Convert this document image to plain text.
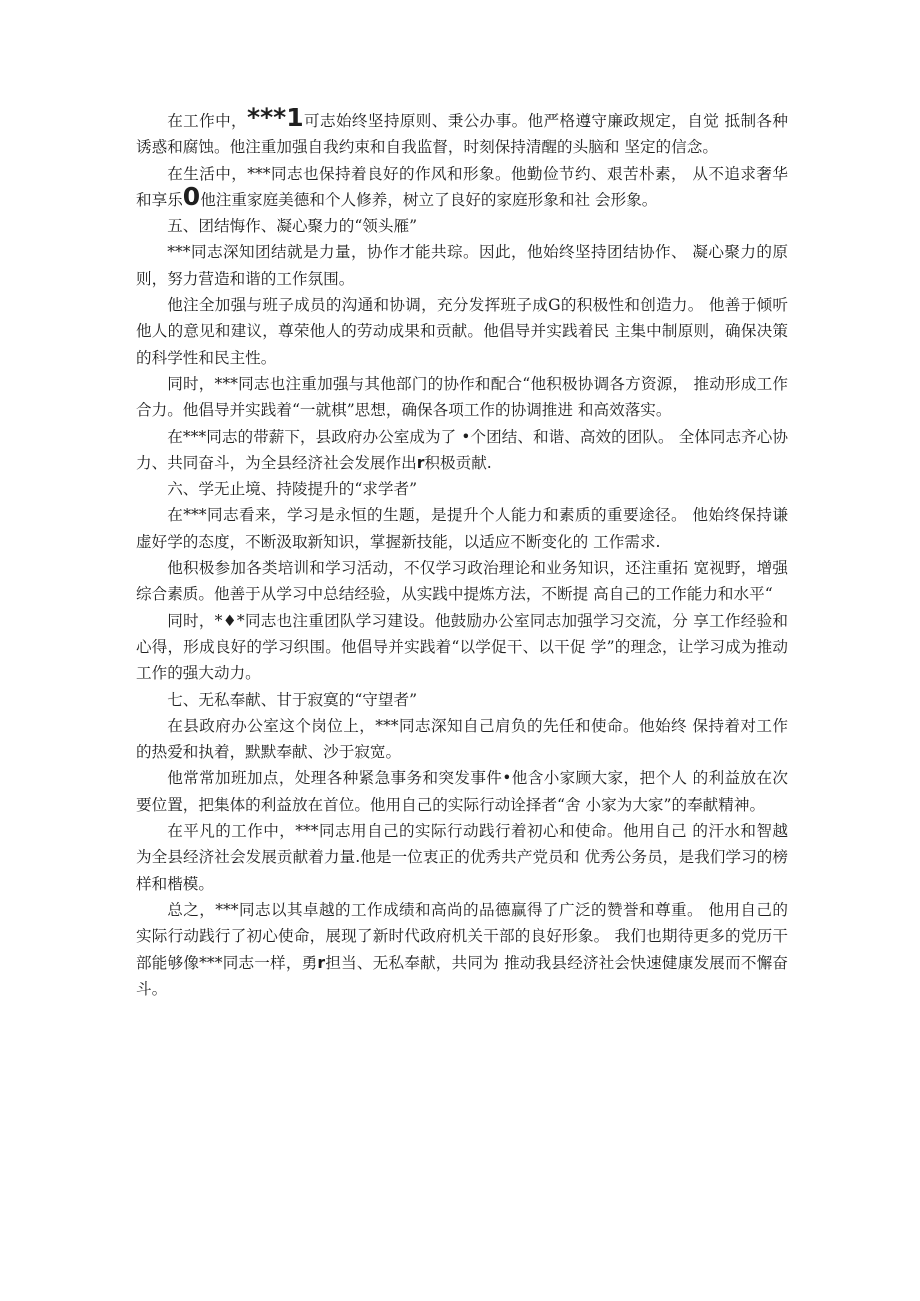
在工作中，***1可志始终坚持原则、秉公办事。他严格遵守廉政规定，自觉 抵制各种诱惑和腐蚀。他注重加强自我约束和自我监督，时刻保持清醒的头脑和 坚定的信念。

在生活中，***同志也保持着良好的作风和形象。他勤俭节约、艰苦朴素， 从不追求奢华和享乐0他注重家庭美德和个人修养，树立了良好的家庭形象和社 会形象。

五、团结悔作、凝心聚力的“领头雁”

***同志深知团结就是力量，协作才能共琮。因此，他始终坚持团结协作、 凝心聚力的原则，努力营造和谐的工作氛围。

他注全加强与班子成员的沟通和协调，充分发挥班子成G的积极性和创造力。 他善于倾听他人的意见和建议，尊荣他人的劳动成果和贡献。他倡导并实践着民 主集中制原则，确保决策的科学性和民主性。

同时，***同志也注重加强与其他部门的协作和配合“他积极协调各方资源， 推动形成工作合力。他倡导并实践着“一就棋”思想，确保各项工作的协调推进 和高效落实。

在***同志的带薪下，县政府办公室成为了 •个团结、和谐、高效的团队。 全体同志齐心协力、共同奋斗，为全县经济社会发展作出r积极贡献.

六、学无止境、持陵提升的“求学者”

在***同志看来，学习是永恒的生题，是提升个人能力和素质的重要途径。 他始终保持谦虚好学的态度，不断汲取新知识，掌握新技能，以适应不断变化的 工作需求.

他积极参加各类培训和学习活动，不仅学习政治理论和业务知识，还注重拓 宽视野，增强综合素质。他善于从学习中总结经验，从实践中提炼方法，不断提 高自己的工作能力和水平“

同时，*♦*同志也注重团队学习建设。他鼓励办公室同志加强学习交流，分 享工作经验和心得，形成良好的学习织围。他倡导并实践着“以学促干、以干促 学”的理念，让学习成为推动工作的强大动力。

七、无私奉献、甘于寂寞的“守望者”

在县政府办公室这个岗位上，***同志深知自己肩负的先任和使命。他始终 保持着对工作的热爱和执着，默默奉献、沙于寂宽。

他常常加班加点，处理各种紧急事务和突发事件•他含小家顾大家，把个人 的利益放在次要位置，把集体的利益放在首位。他用自己的实际行动诠择者“舍 小家为大家”的奉献精神。

在平凡的工作中，***同志用自己的实际行动践行着初心和使命。他用自己 的汗水和智越为全县经济社会发展贡献着力量.他是一位衷正的优秀共产党员和 优秀公务员，是我们学习的榜样和楷模。

总之，***同志以其卓越的工作成绩和高尚的品德赢得了广泛的赞誉和尊重。 他用自己的实际行动践行了初心使命，展现了新时代政府机关干部的良好形象。 我们也期待更多的党历干部能够像***同志一样，勇r担当、无私奉献，共同为 推动我县经济社会快速健康发展而不懈奋斗。
